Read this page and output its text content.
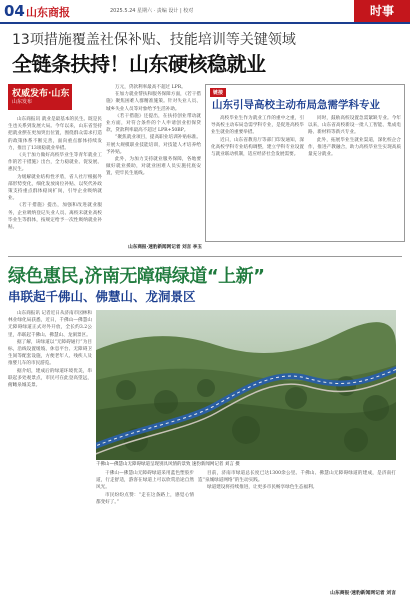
04 山东商报	2025.5.24 星期六 · 责编 设计 | 校对	时事
13项措施覆盖社保补贴、技能培训等关键领域
全链条扶持！山东硬核稳就业
权威发布·山东
山东发布

山东商报讯 就业是最基本的民生。既是民生也关系到发展大局。今年以来，山东省坚持把就业摆在更加突出位置，围绕群众需求打造的政策体系不断完善，面向重点群体持续发力，推出了13项稳就业举措。

《关于加力做好高校毕业生等青年就业工作的若干措施》出台，全力稳就业、促发展、惠民生。

为缓解就业结构性矛盾，省人社厅根据外部形势变化，细化发放岗位补贴、以奖代补政策支持重点群体稳岗扩岗，引导企业吸纳就业。

《若干措施》提出，加强和改进就业服务，企业吸纳登记失业人员、离校未就业高校毕业生等群体，按规定给予一次性吸纳就业补贴。

万元，贷款利率最高不超过 LPR。

在加力就业帮扶和服务保障方面，《若干措施》聚焦困难人群精准施策。针对失业人员、城乡失业人员等对象给予生活补助。

《若干措施》还提出，在扶持创业带动就业方面，对符合条件的个人申请创业担保贷款，贷款利率最高不超过 LPR+50BP。

“聚焦就业项目，提高职业培训补贴标准。开展大规模职业技能培训，对技能人才培养给予补贴。

此外，为加力支持就业服务保障，各地要做好就业援助，对就业困难人员实施托底安置，兜牢民生底线。

山东商报·速豹新闻网记者 刘言 李玉
链接
山东引导高校主动布局急需学科专业

高校毕业生作为就业工作的重中之重，引导高校主动布局急需学科专业，是促进高校毕业生就业的重要举措。

近日，山东省教育厅等部门印发通知，深化高校学科专业结构调整，建立学科专业设置与就业联动机制，适应经济社会发展需要。

同时，鼓励高校设置急需紧缺专业。今年以来，山东省高校新设一批人工智能、集成电路、新材料等新兴专业。

此外，拓展毕业生就业渠道，深化校企合作，推进产教融合，助力高校毕业生实现高质量充分就业。

绿色惠民,济南无障碍绿道“上新”
串联起千佛山、佛慧山、龙洞景区

山东商报讯 记者近日从济南市园林和林业绿化局获悉，近日，千佛山—佛慧山无障碍绿道正式对外开放，全长约3.2公里，串联起千佛山、佛慧山、龙洞景区。

据了解，该绿道以“无障碍通行”为目标，沿线设置缓坡、休息平台、无障碍卫生间等配套设施，方便老年人、残疾人及推婴儿车的市民游览。

据介绍，建成后的绿道环境优美，串联起多处观景点，市民可在此登高望远，俯瞰泉城美景。

千佛山—佛慧山无障碍绿道呈现别具风情的景致 速豹新闻网记者 刘言 摄

干佛山—佛慧山无障碍绿道采用蓝色塑胶步道，行走舒适，游客在绿道上可以欣赏沿途自然风光。

市民纷纷点赞：“走在这条路上，感觉心情都变好了。”

目前，济南市绿道总长度已达1300余公里。千佛山、佛慧山无障碍绿道的建成，是济南打造“泉城绿道网络”的生动实践。

绿道建设将持续推进，让更多市民畅享绿色生态福利。

山东商报·速豹新闻网记者 刘言
